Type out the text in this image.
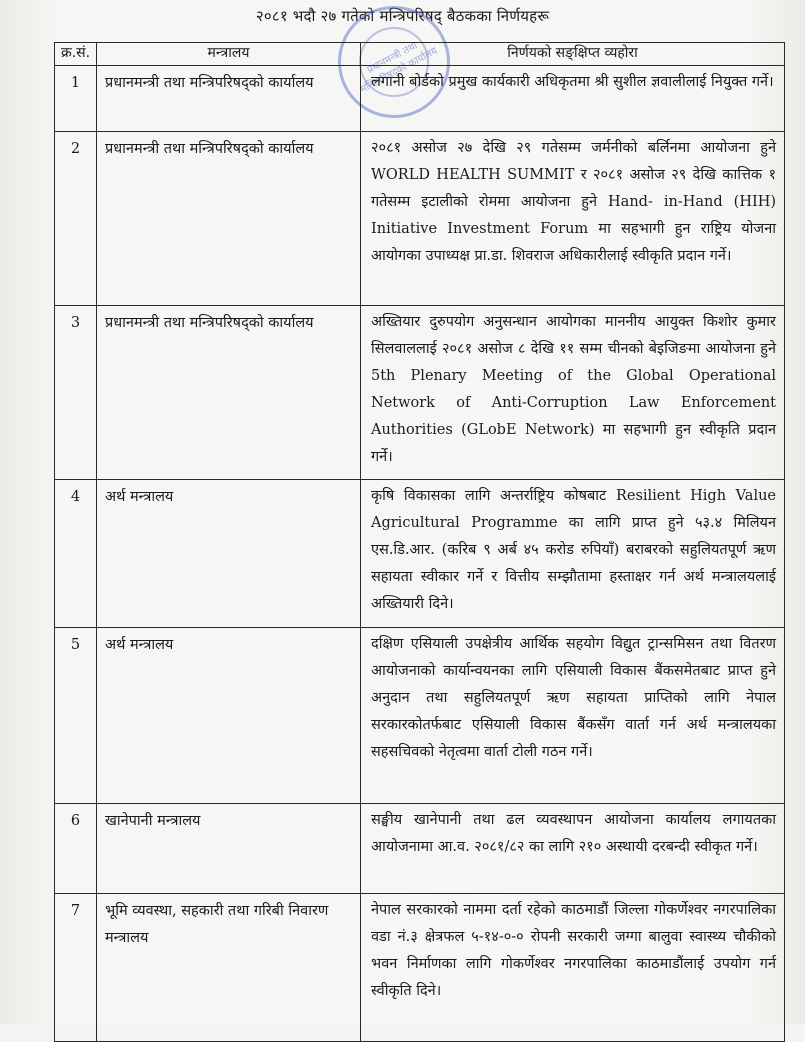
२०८१ भदौ २७ गतेको मन्त्रिपरिषद् बैठकका निर्णयहरू
प्रधानमन्त्री तथा मन्त्रिपरिषद्को कार्यालय
क्र.सं.	मन्त्रालय	निर्णयको सङ्क्षिप्त व्यहोरा
1	प्रधानमन्त्री तथा मन्त्रिपरिषद्को कार्यालय	लगानी बोर्डको प्रमुख कार्यकारी अधिकृतमा श्री सुशील ज्ञवालीलाई नियुक्त गर्ने।
2	प्रधानमन्त्री तथा मन्त्रिपरिषद्को कार्यालय	२०८१ असोज २७ देखि २९ गतेसम्म जर्मनीको बर्लिनमा आयोजना हुने WORLD HEALTH SUMMIT र २०८१ असोज २९ देखि कात्तिक १ गतेसम्म इटालीको रोममा आयोजना हुने Hand- in-Hand (HIH) Initiative Investment Forum मा सहभागी हुन राष्ट्रिय योजना आयोगका उपाध्यक्ष प्रा.डा. शिवराज अधिकारीलाई स्वीकृति प्रदान गर्ने।
3	प्रधानमन्त्री तथा मन्त्रिपरिषद्को कार्यालय	अख्तियार दुरुपयोग अनुसन्धान आयोगका माननीय आयुक्त किशोर कुमार सिलवाललाई २०८१ असोज ८ देखि ११ सम्म चीनको बेइजिङमा आयोजना हुने 5th Plenary Meeting of the Global Operational Network of Anti-Corruption Law Enforcement Authorities (GLobE Network) मा सहभागी हुन स्वीकृति प्रदान गर्ने।
4	अर्थ मन्त्रालय	कृषि विकासका लागि अन्तर्राष्ट्रिय कोषबाट Resilient High Value Agricultural Programme का लागि प्राप्त हुने ५३.४ मिलियन एस.डि.आर. (करिब ९ अर्ब ४५ करोड रुपियाँ) बराबरको सहुलियतपूर्ण ऋण सहायता स्वीकार गर्ने र वित्तीय सम्झौतामा हस्ताक्षर गर्न अर्थ मन्त्रालयलाई अख्तियारी दिने।
5	अर्थ मन्त्रालय	दक्षिण एसियाली उपक्षेत्रीय आर्थिक सहयोग विद्युत ट्रान्समिसन तथा वितरण आयोजनाको कार्यान्वयनका लागि एसियाली विकास बैंकसमेतबाट प्राप्त हुने अनुदान तथा सहुलियतपूर्ण ऋण सहायता प्राप्तिको लागि नेपाल सरकारकोतर्फबाट एसियाली विकास बैंकसँग वार्ता गर्न अर्थ मन्त्रालयका सहसचिवको नेतृत्वमा वार्ता टोली गठन गर्ने।
6	खानेपानी मन्त्रालय	सङ्घीय खानेपानी तथा ढल व्यवस्थापन आयोजना कार्यालय लगायतका आयोजनामा आ.व. २०८१/८२ का लागि २१० अस्थायी दरबन्दी स्वीकृत गर्ने।
7	भूमि व्यवस्था, सहकारी तथा गरिबी निवारण मन्त्रालय	नेपाल सरकारको नाममा दर्ता रहेको काठमाडौं जिल्ला गोकर्णेश्वर नगरपालिका वडा नं.३ क्षेत्रफल ५-१४-०-० रोपनी सरकारी जग्गा बालुवा स्वास्थ्य चौकीको भवन निर्माणका लागि गोकर्णेश्वर नगरपालिका काठमाडौंलाई उपयोग गर्न स्वीकृति दिने।
